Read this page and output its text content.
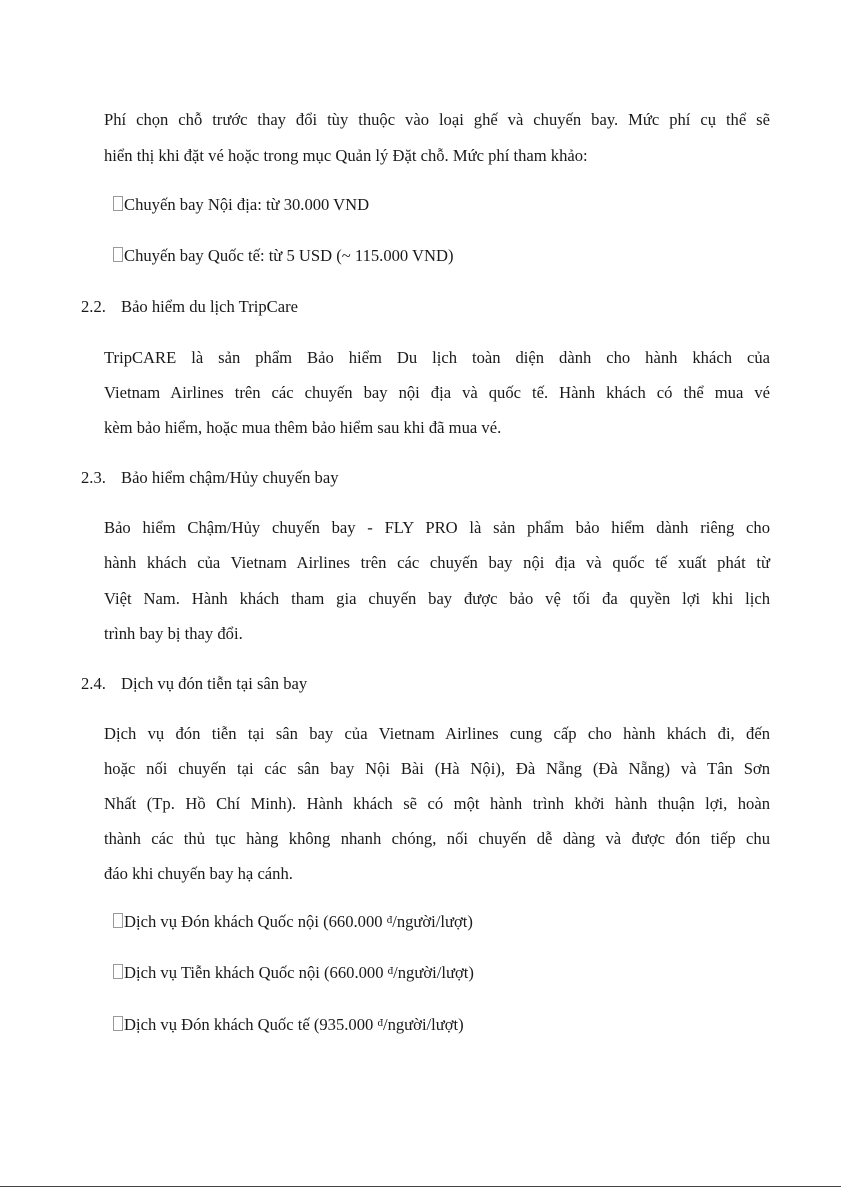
Phí chọn chỗ trước thay đổi tùy thuộc vào loại ghế và chuyến bay. Mức phí cụ thể sẽ
hiển thị khi đặt vé hoặc trong mục Quản lý Đặt chỗ. Mức phí tham khảo:
Chuyến bay Nội địa: từ 30.000 VND
Chuyến bay Quốc tế: từ 5 USD (~ 115.000 VND)
2.2. Bảo hiểm du lịch TripCare
TripCARE là sản phẩm Bảo hiểm Du lịch toàn diện dành cho hành khách của
Vietnam Airlines trên các chuyến bay nội địa và quốc tế. Hành khách có thể mua vé
kèm bảo hiểm, hoặc mua thêm bảo hiểm sau khi đã mua vé.
2.3. Bảo hiểm chậm/Hủy chuyến bay
Bảo hiểm Chậm/Hủy chuyến bay - FLY PRO là sản phẩm bảo hiểm dành riêng cho
hành khách của Vietnam Airlines trên các chuyến bay nội địa và quốc tế xuất phát từ
Việt Nam. Hành khách tham gia chuyến bay được bảo vệ tối đa quyền lợi khi lịch
trình bay bị thay đổi.
2.4. Dịch vụ đón tiễn tại sân bay
Dịch vụ đón tiễn tại sân bay của Vietnam Airlines cung cấp cho hành khách đi, đến
hoặc nối chuyến tại các sân bay Nội Bài (Hà Nội), Đà Nẵng (Đà Nẵng) và Tân Sơn
Nhất (Tp. Hồ Chí Minh). Hành khách sẽ có một hành trình khởi hành thuận lợi, hoàn
thành các thủ tục hàng không nhanh chóng, nối chuyến dễ dàng và được đón tiếp chu
đáo khi chuyến bay hạ cánh.
Dịch vụ Đón khách Quốc nội (660.000 $^đ$/người/lượt)
Dịch vụ Tiễn khách Quốc nội (660.000 $^đ$/người/lượt)
Dịch vụ Đón khách Quốc tế (935.000 $^đ$/người/lượt)
